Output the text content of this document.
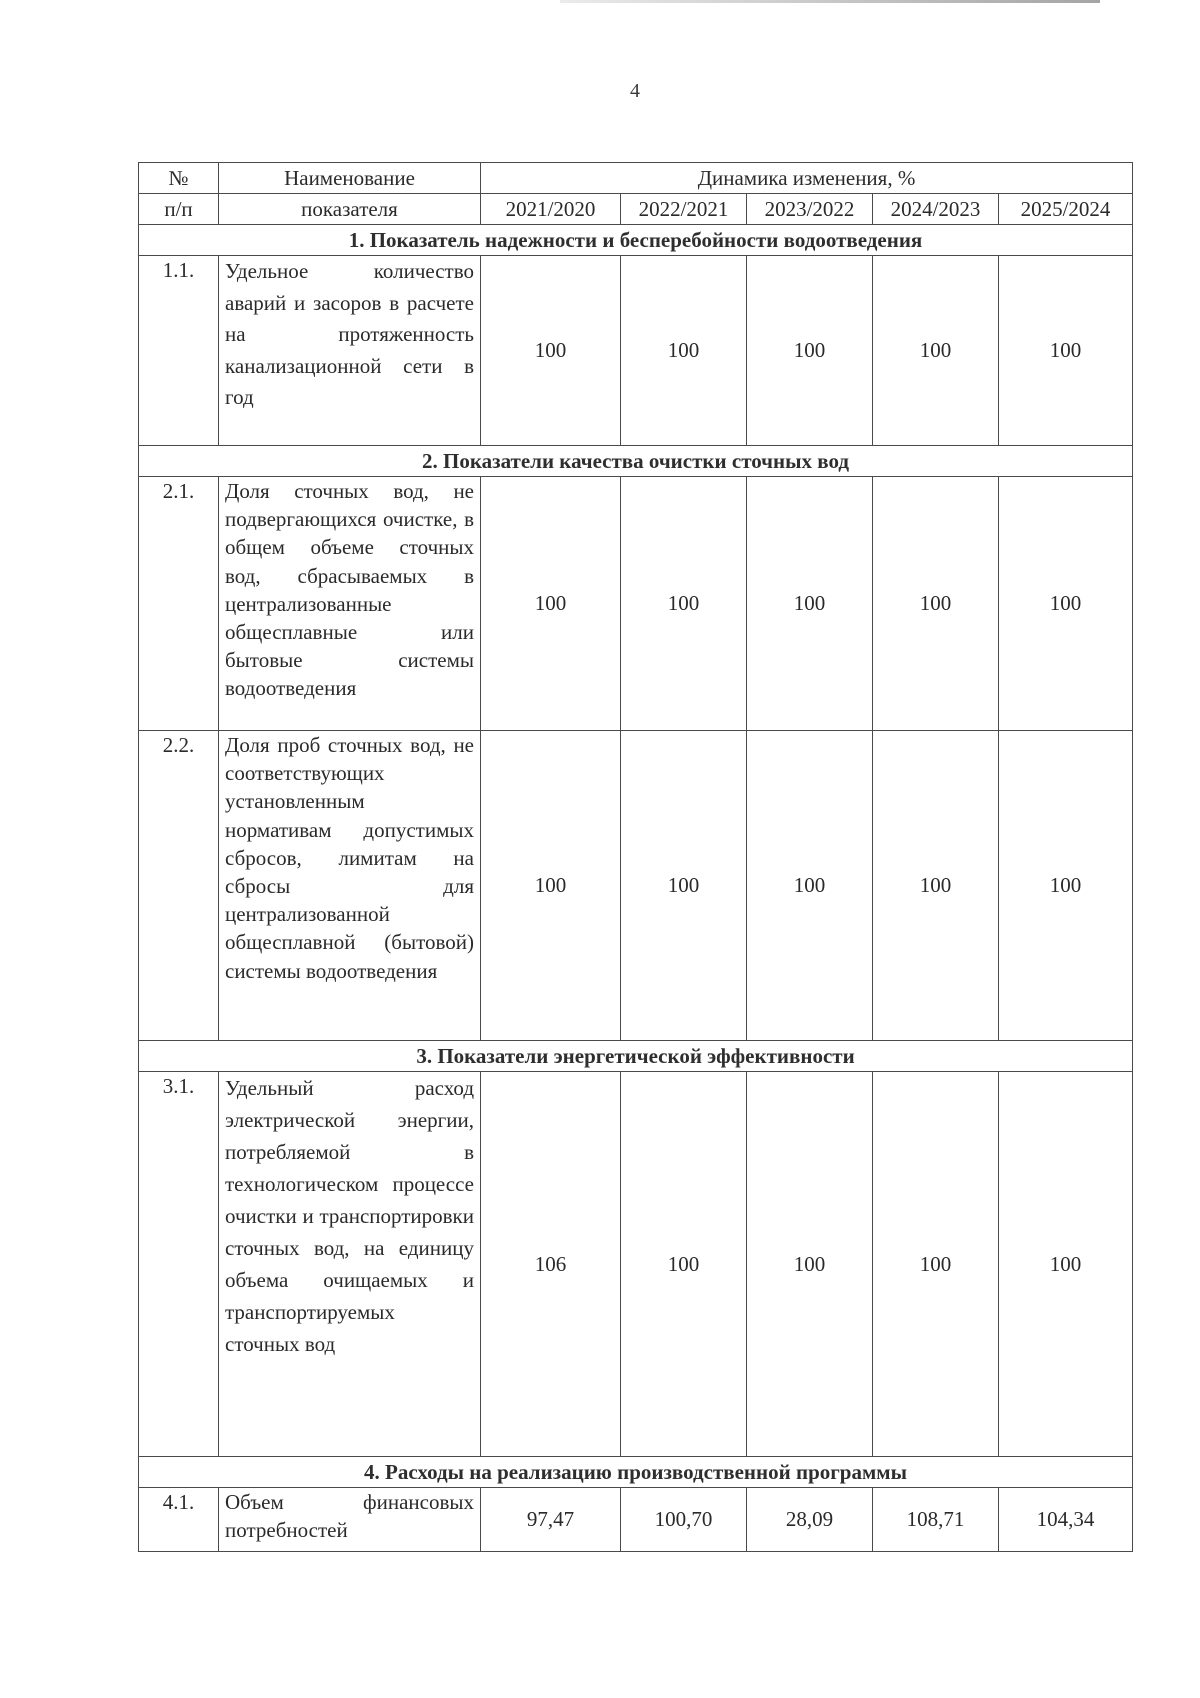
4
№	Наименование	Динамика изменения, %				
п/п	показателя	2021/2020	2022/2021	2023/2022	2024/2023	2025/2024
1. Показатель надежности и бесперебойности водоотведения						
1.1.	Удельное количество аварий и засоров в расчете на протяженность канализационной сети в год	100	100	100	100	100
2. Показатели качества очистки сточных вод						
2.1.	Доля сточных вод, не подвергающихся очистке, в общем объеме сточных вод, сбрасываемых в централизованные общесплавные или бытовые системы водоотведения	100	100	100	100	100
2.2.	Доля проб сточных вод, не соответствующих установленным нормативам допустимых сбросов, лимитам на сбросы для централизованной общесплавной (бытовой) системы водоотведения	100	100	100	100	100
3. Показатели энергетической эффективности						
3.1.	Удельный расход электрической энергии, потребляемой в технологическом процессе очистки и транспортировки сточных вод, на единицу объема очищаемых и транспортируемых сточных вод	106	100	100	100	100
4. Расходы на реализацию производственной программы						
4.1.	Объем финансовых потребностей	97,47	100,70	28,09	108,71	104,34
